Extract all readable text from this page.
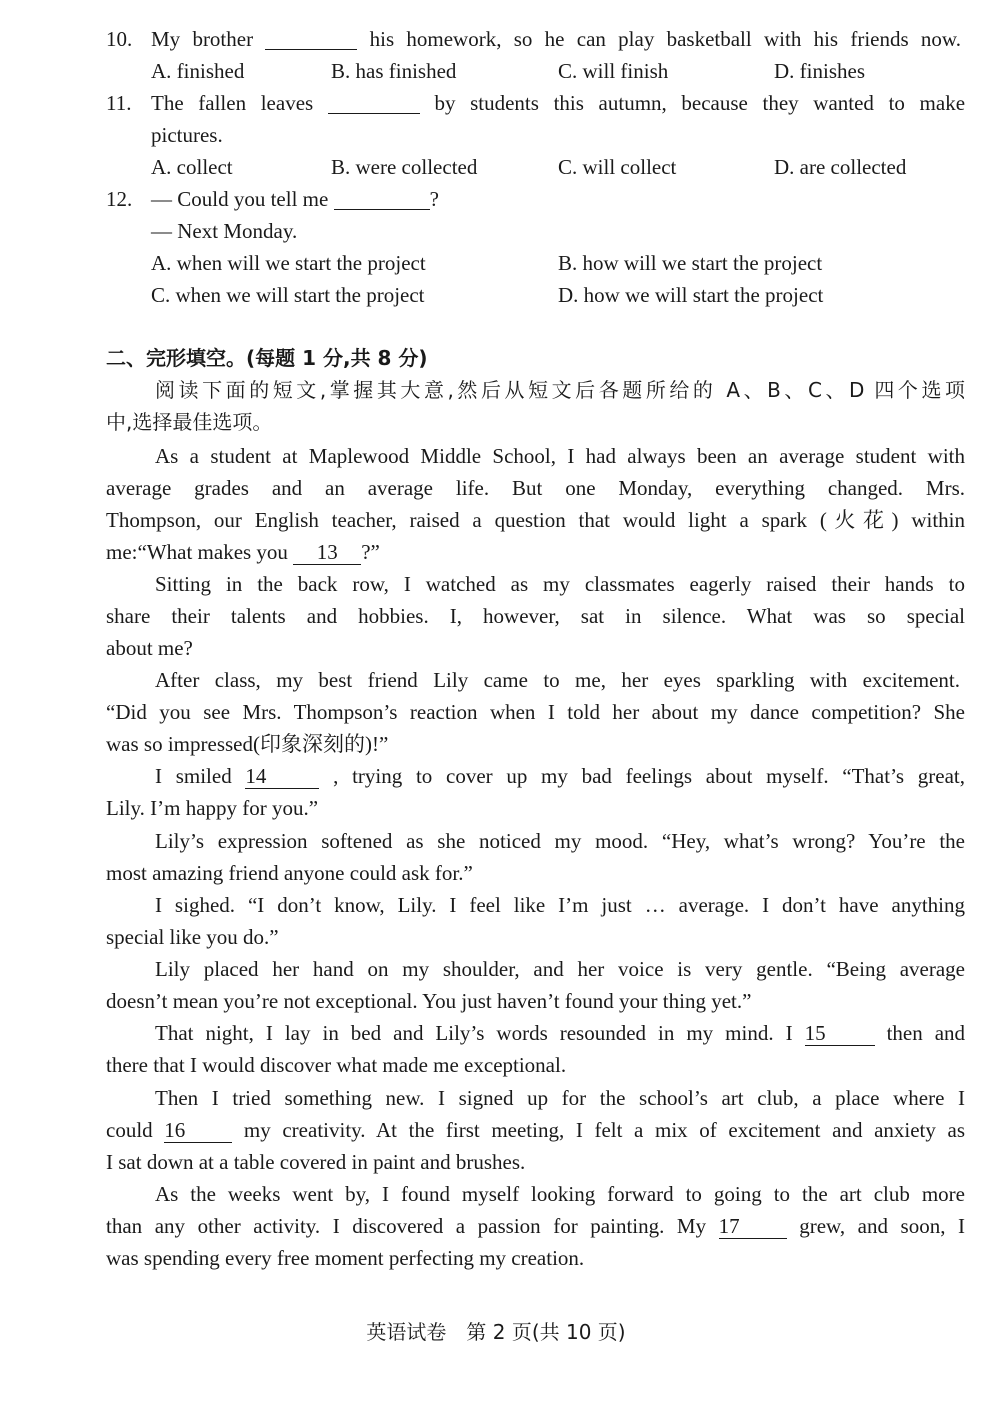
10. My brother	his homework, so he can play basketball with his friends now.
A. finished	B. has finished	C. will finish	D. finishes
11. The fallen leaves	by students this autumn, because they wanted to make
pictures.
A. collect	B. were collected	C. will collect	D. are collected
12. — Could you tell me	?
— Next Monday.
A. when will we start the project	B. how will we start the project
C. when we will start the project	D. how we will start the project
二、完形填空。(每题 1 分,共 8 分)
阅读下面的短文,掌握其大意,然后从短文后各题所给的 A、B、C、D 四个选项
中,选择最佳选项。
As a student at Maplewood Middle School, I had always been an average student with
average grades and an average life. But one Monday, everything changed. Mrs.
Thompson, our English teacher, raised a question that would light a spark (火花) within
me:“What makes you 13 ?”
Sitting in the back row, I watched as my classmates eagerly raised their hands to
share their talents and hobbies. I, however, sat in silence. What was so special
about me?
After class, my best friend Lily came to me, her eyes sparkling with excitement.
“Did you see Mrs. Thompson’s reaction when I told her about my dance competition? She
was so impressed(印象深刻的)!”
I smiled 14	, trying to cover up my bad feelings about myself. “That’s great,
Lily. I’m happy for you.”
Lily’s expression softened as she noticed my mood. “Hey, what’s wrong? You’re the
most amazing friend anyone could ask for.”
I sighed. “I don’t know, Lily. I feel like I’m just … average. I don’t have anything
special like you do.”
Lily placed her hand on my shoulder, and her voice is very gentle. “Being average
doesn’t mean you’re not exceptional. You just haven’t found your thing yet.”
That night, I lay in bed and Lily’s words resounded in my mind. I 15	then and
there that I would discover what made me exceptional.
Then I tried something new. I signed up for the school’s art club, a place where I
could 16	my creativity. At the first meeting, I felt a mix of excitement and anxiety as
I sat down at a table covered in paint and brushes.
As the weeks went by, I found myself looking forward to going to the art club more
than any other activity. I discovered a passion for painting. My 17	grew, and soon, I
was spending every free moment perfecting my creation.
英语试卷　第 2 页(共 10 页)
